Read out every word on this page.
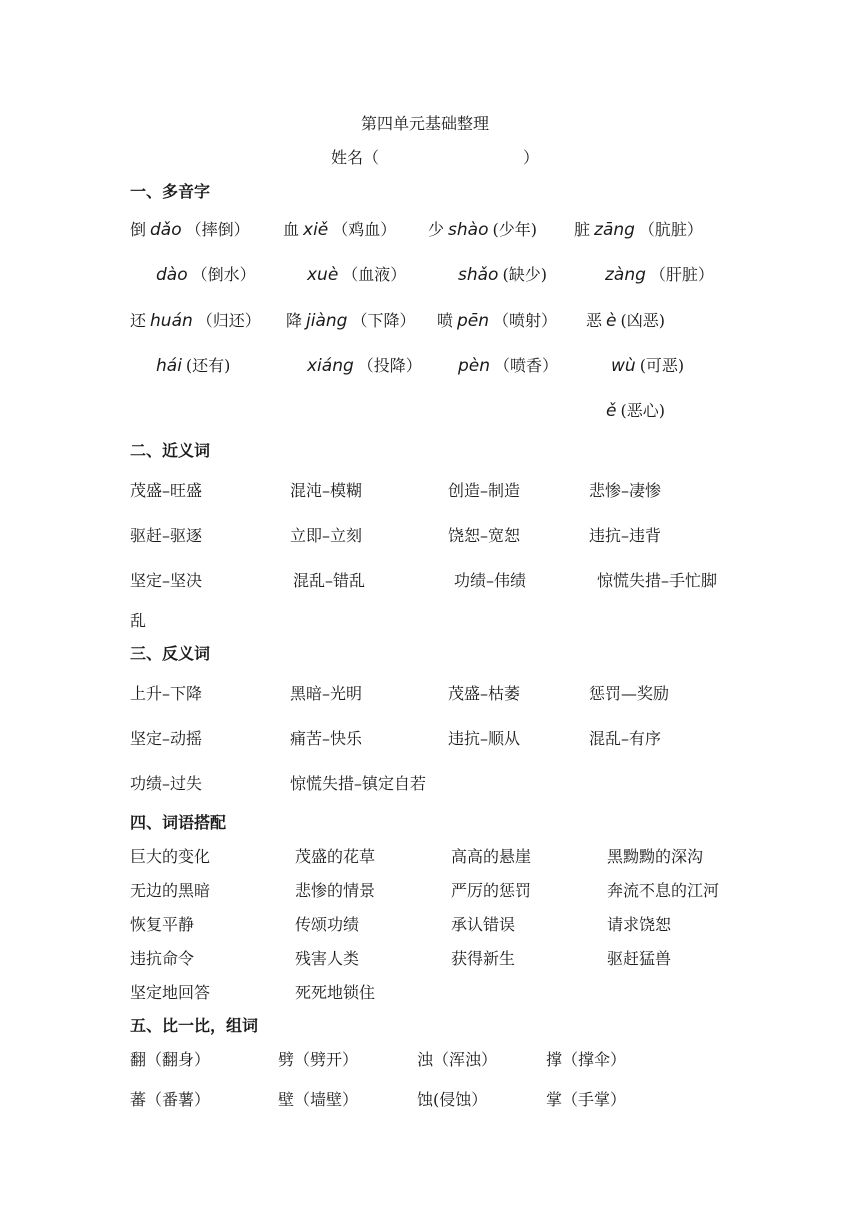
第四单元基础整理
姓名（	）
一、多音字
倒 dǎo （摔倒） 血 xiě （鸡血） 少 shào (少年) 脏 zāng （肮脏）
dào （倒水）	xuè （血液）	shǎo (缺少)	zàng （肝脏）
还 huán （归还） 降 jiàng （下降） 喷 pēn （喷射） 恶 è (凶恶)
hái (还有)	xiáng （投降） pèn （喷香）	wù (可恶)
ě (恶心)
二、近义词
茂盛–旺盛	混沌–模糊	创造–制造	悲惨–凄惨
驱赶–驱逐	立即–立刻	饶恕–宽恕	违抗–违背
坚定–坚决	混乱–错乱	功绩–伟绩	惊慌失措–手忙脚
乱
三、反义词
上升–下降	黑暗–光明	茂盛–枯萎	惩罚—奖励
坚定–动摇	痛苦–快乐	违抗–顺从	混乱–有序
功绩–过失	惊慌失措–镇定自若
四、词语搭配
巨大的变化	茂盛的花草	高高的悬崖	黑黝黝的深沟
无边的黑暗	悲惨的情景	严厉的惩罚	奔流不息的江河
恢复平静	传颂功绩	承认错误	请求饶恕
违抗命令	残害人类	获得新生	驱赶猛兽
坚定地回答	死死地锁住
五、比一比，组词
翻（翻身）	劈（劈开）	浊（浑浊）	撑（撑伞）
蕃（番薯）	壁（墙壁）	蚀(侵蚀）	掌（手掌）
